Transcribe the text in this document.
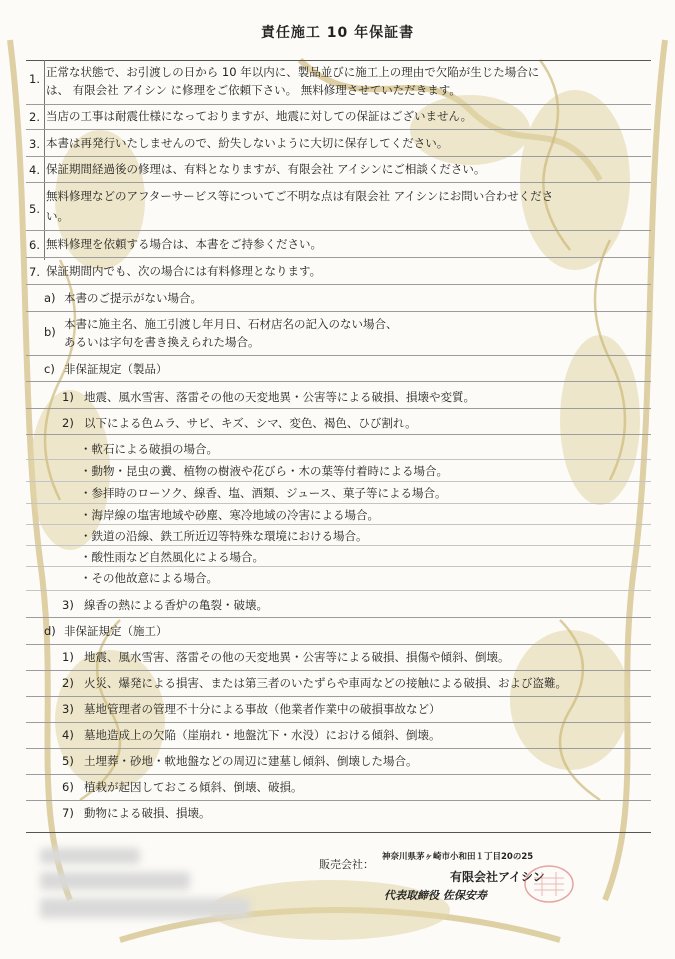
責任施工 10 年保証書
1. 正常な状態で、お引渡しの日から 10 年以内に、製品並びに施工上の理由で欠陥が生じた場合に
は、 有限会社 アイシン に修理をご依頼下さい。 無料修理させていただきます。
2. 当店の工事は耐震仕様になっておりますが、地震に対しての保証はございません。
3. 本書は再発行いたしませんので、紛失しないように大切に保存してください。
4. 保証期間経過後の修理は、有料となりますが、有限会社 アイシンにご相談ください。
5.
無料修理などのアフターサービス等についてご不明な点は有限会社 アイシンにお問い合わせくださ
い。
6. 無料修理を依頼する場合は、本書をご持参ください。
7. 保証期間内でも、次の場合には有料修理となります。
a) 本書のご提示がない場合。
b)
本書に施主名、施工引渡し年月日、石材店名の記入のない場合、
あるいは字句を書き換えられた場合。
c) 非保証規定（製品）
1) 地震、風水雪害、落雷その他の天変地異・公害等による破損、損壊や変質。
2) 以下による色ムラ、サビ、キズ、シマ、変色、褐色、ひび割れ。
・軟石による破損の場合。
・動物・昆虫の糞、植物の樹液や花びら・木の葉等付着時による場合。
・参拝時のローソク、線香、塩、酒類、ジュース、菓子等による場合。
・海岸線の塩害地域や砂塵、寒冷地域の冷害による場合。
・鉄道の沿線、鉄工所近辺等特殊な環境における場合。
・酸性雨など自然風化による場合。
・その他故意による場合。
3) 線香の熱による香炉の亀裂・破壊。
d) 非保証規定（施工）
1) 地震、風水雪害、落雷その他の天変地異・公害等による破損、損傷や傾斜、倒壊。
2) 火災、爆発による損害、または第三者のいたずらや車両などの接触による破損、および盗難。
3) 墓地管理者の管理不十分による事故（他業者作業中の破損事故など）
4) 墓地造成上の欠陥（崖崩れ・地盤沈下・水没）における傾斜、倒壊。
5) 土埋葬・砂地・軟地盤などの周辺に建墓し傾斜、倒壊した場合。
6) 植栽が起因しておこる傾斜、倒壊、破損。
7) 動物による破損、損壊。
販売会社：
神奈川県茅ヶ崎市小和田１丁目20の25
有限会社アイシン
代表取締役 佐保安寿
